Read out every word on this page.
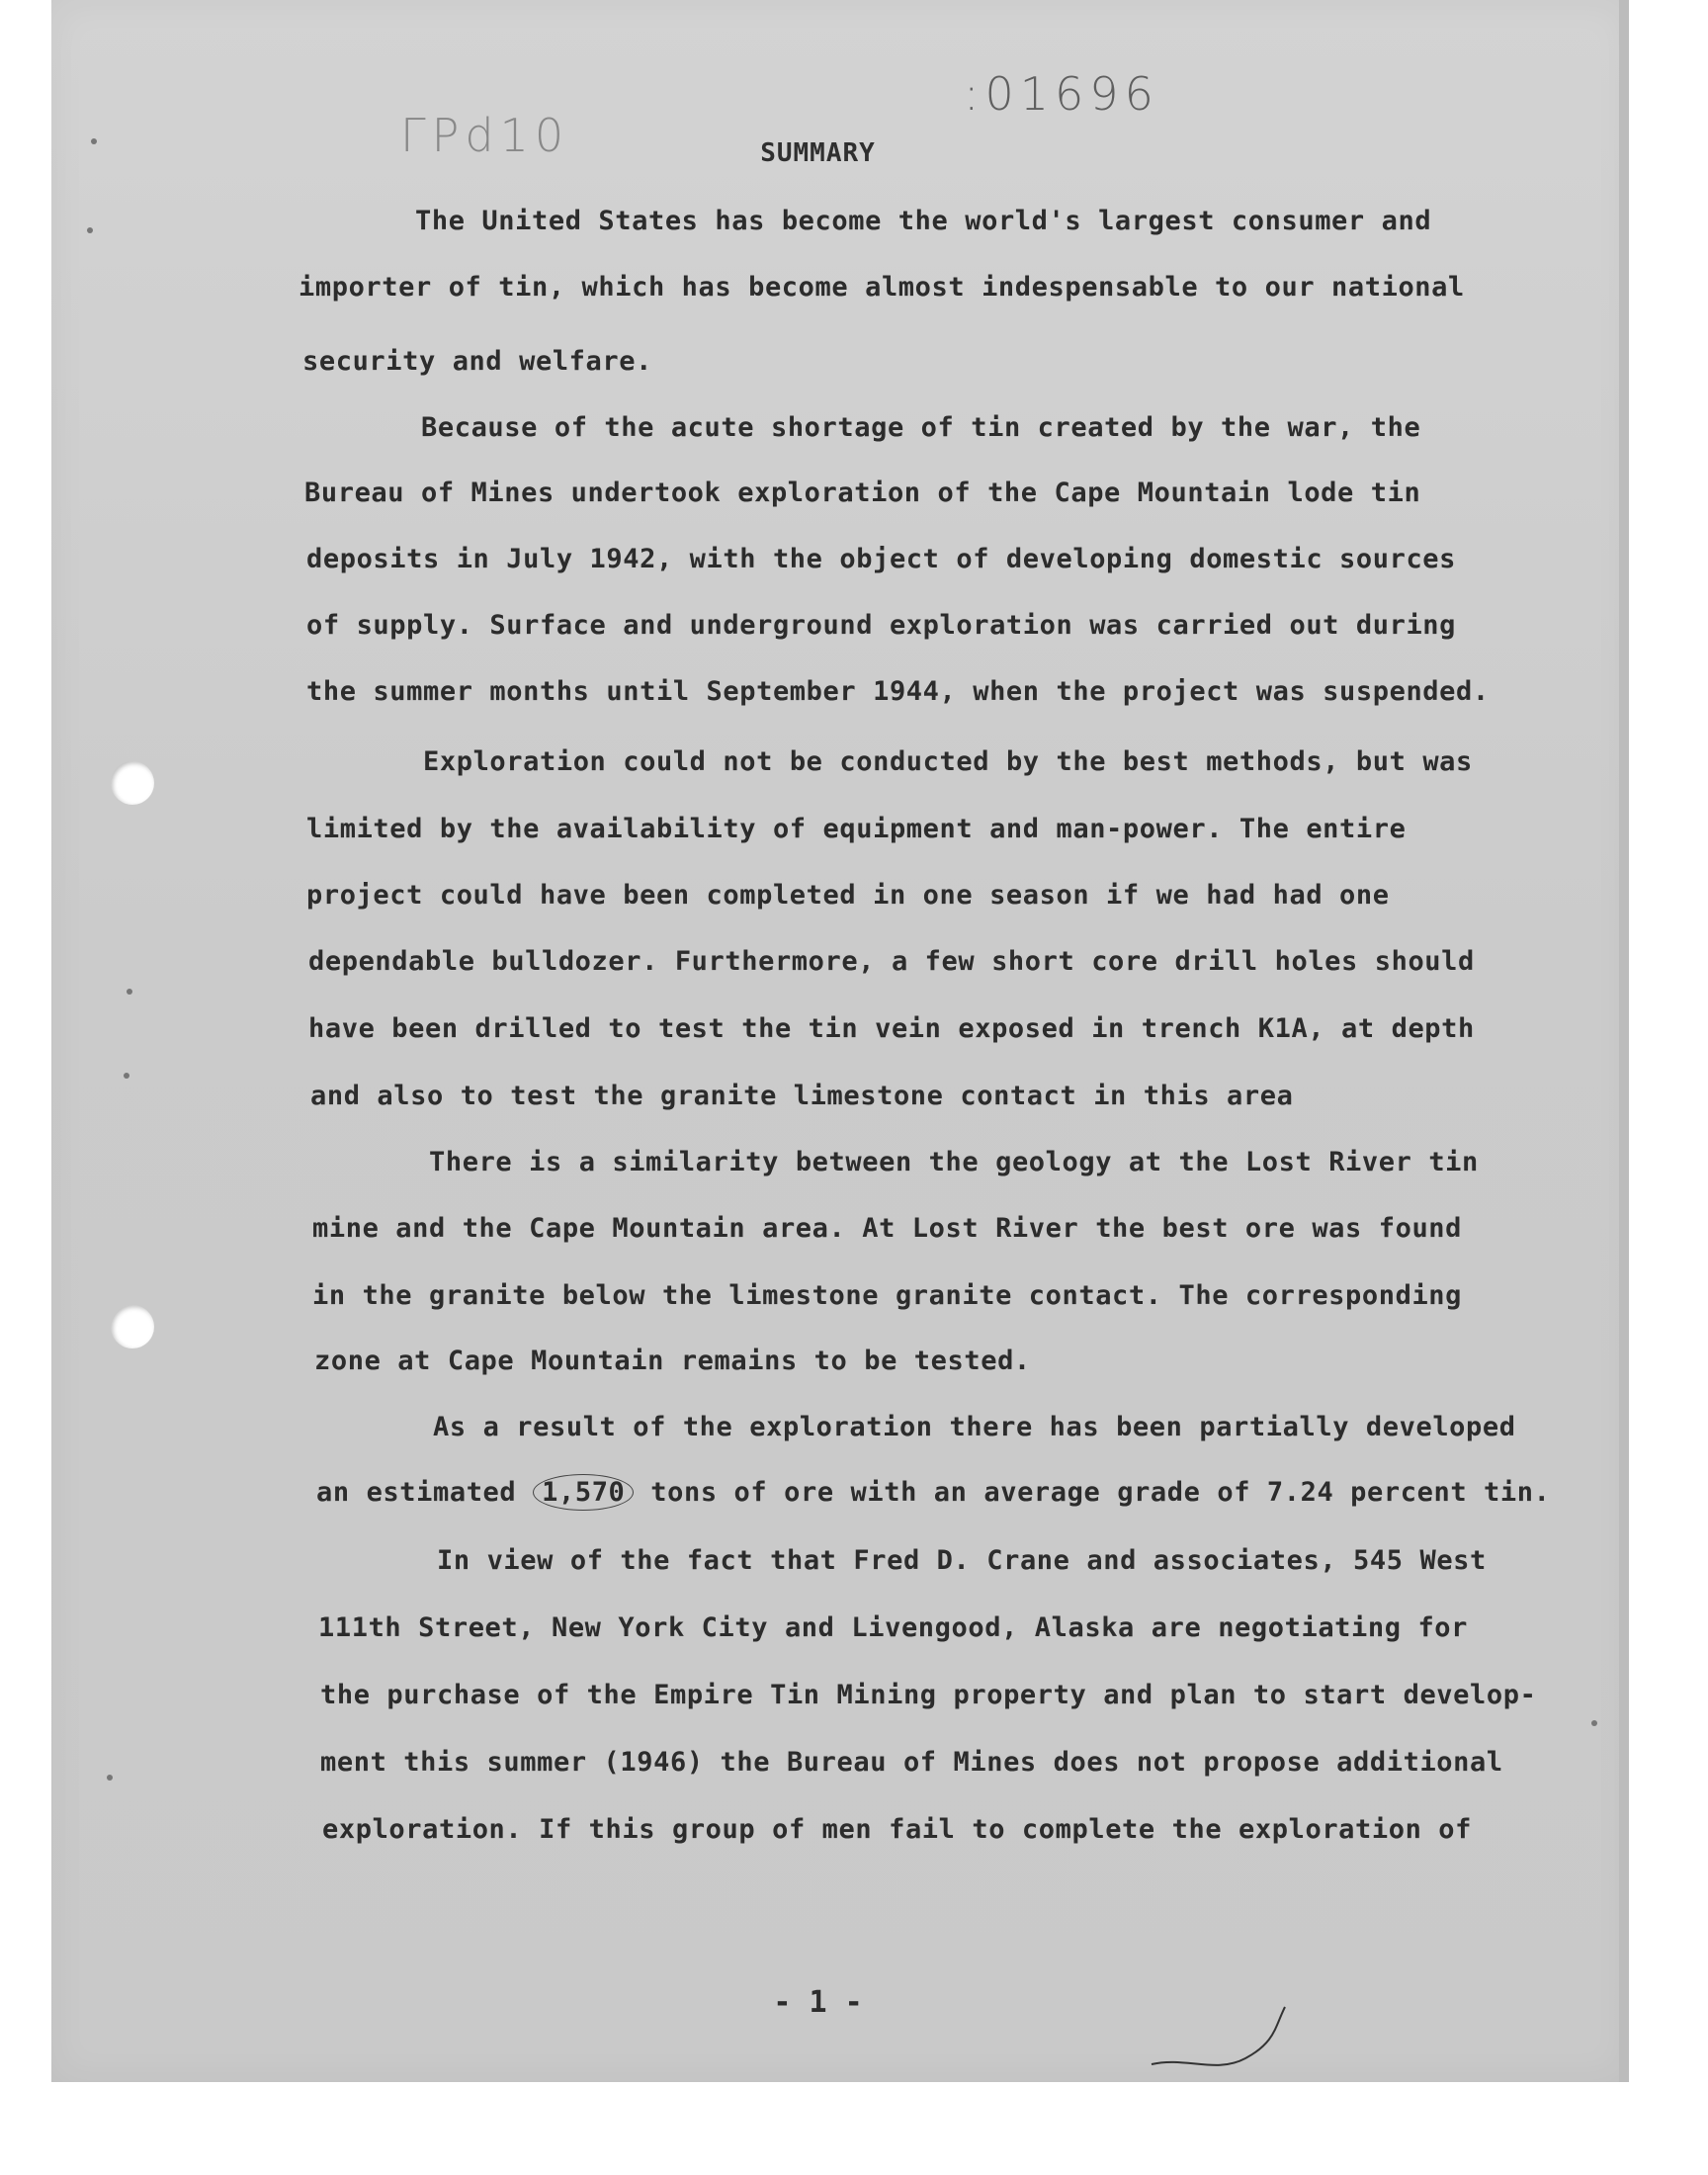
ГРd10
:01696
SUMMARY
The United States has become the world's largest consumer and
importer of tin, which has become almost indespensable to our national
security and welfare.
Because of the acute shortage of tin created by the war, the
Bureau of Mines undertook exploration of the Cape Mountain lode tin
deposits in July 1942, with the object of developing domestic sources
of supply. Surface and underground exploration was carried out during
the summer months until September 1944, when the project was suspended.
Exploration could not be conducted by the best methods, but was
limited by the availability of equipment and man-power. The entire
project could have been completed in one season if we had had one
dependable bulldozer. Furthermore, a few short core drill holes should
have been drilled to test the tin vein exposed in trench K1A, at depth
and also to test the granite limestone contact in this area
There is a similarity between the geology at the Lost River tin
mine and the Cape Mountain area. At Lost River the best ore was found
in the granite below the limestone granite contact. The corresponding
zone at Cape Mountain remains to be tested.
As a result of the exploration there has been partially developed
an estimated 1,570 tons of ore with an average grade of 7.24 percent tin.
In view of the fact that Fred D. Crane and associates, 545 West
111th Street, New York City and Livengood, Alaska are negotiating for
the purchase of the Empire Tin Mining property and plan to start develop-
ment this summer (1946) the Bureau of Mines does not propose additional
exploration. If this group of men fail to complete the exploration of
- 1 -
